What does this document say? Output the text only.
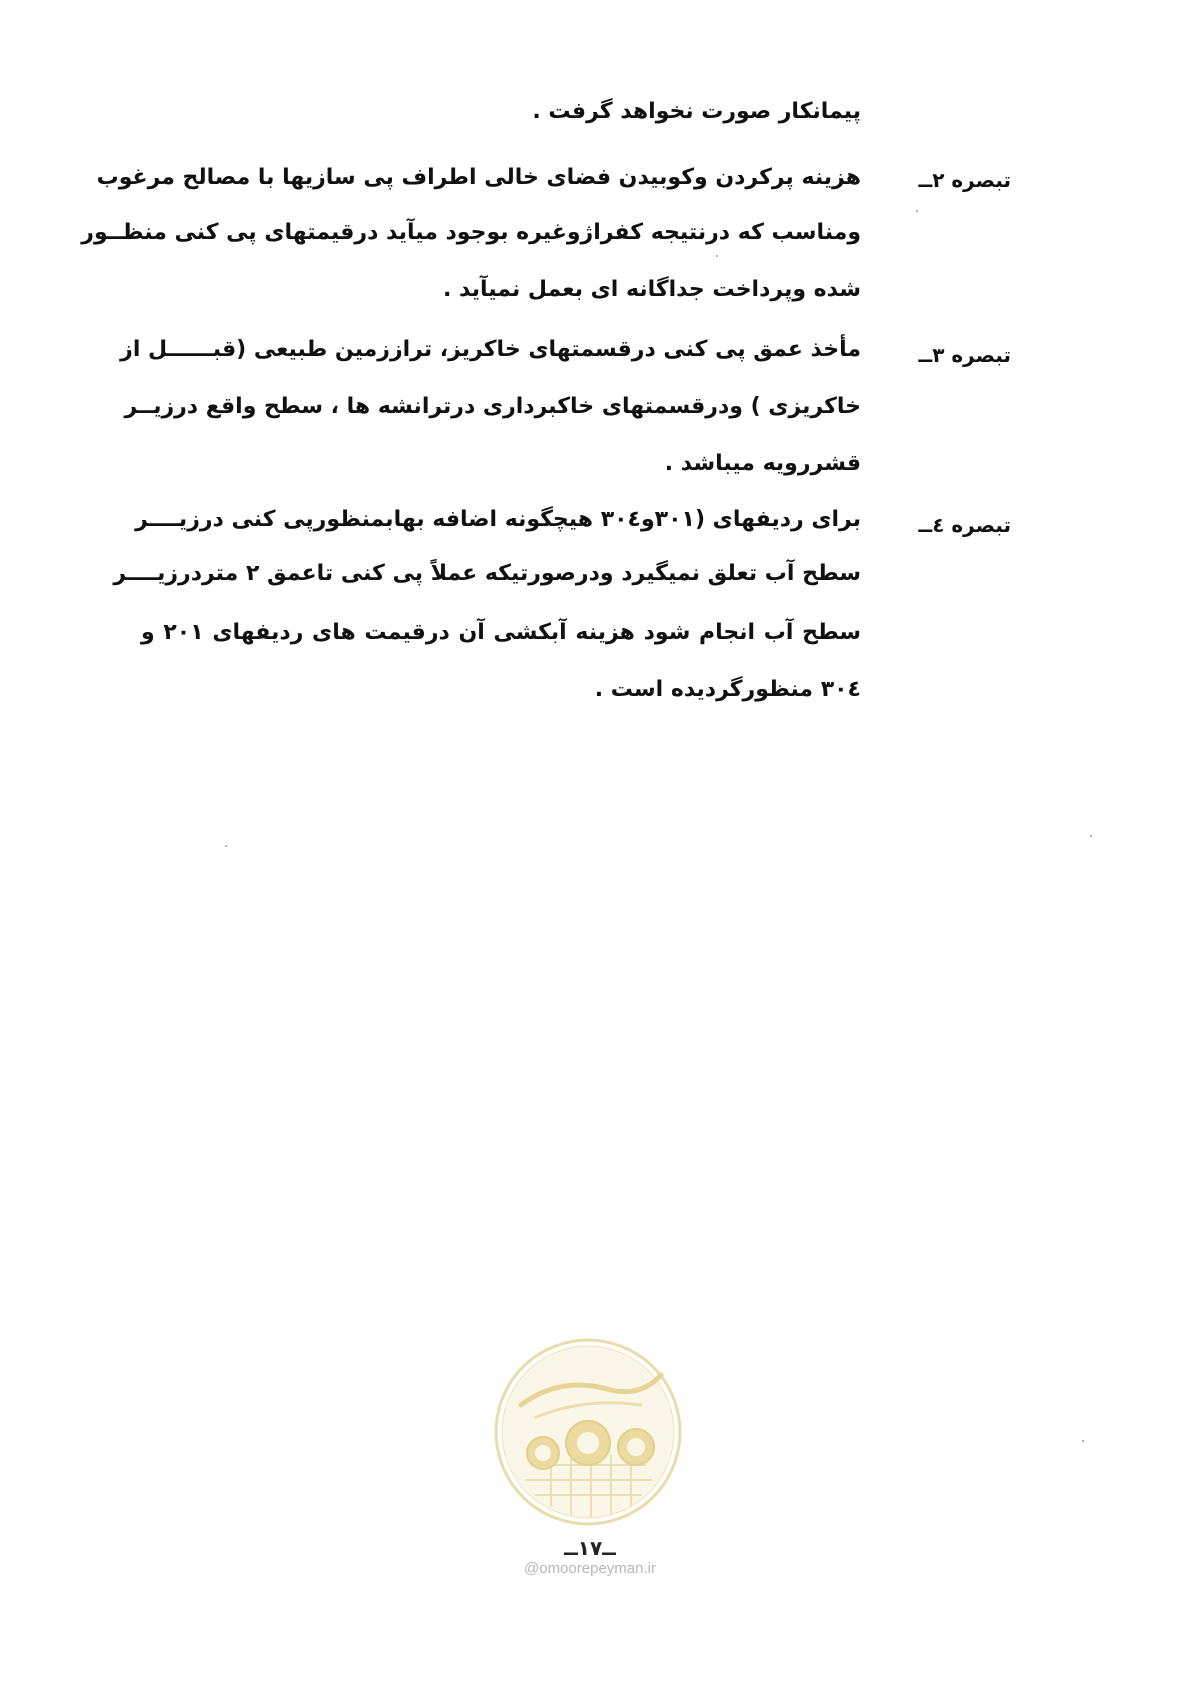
پیمانکار صورت نخواهد گرفت .
تبصره ۲ــ
هزینه پرکردن وکوبیدن فضای خالی اطراف پی سازیها با مصالح مرغوب
ومناسب که درنتیجه کفراژوغیره بوجود میآید درقیمتهای پی کنی منظــور
شده وپرداخت جداگانه ای بعمل نمیآید .
تبصره ۳ــ
مأخذ عمق پی کنی درقسمتهای خاکریز، تراززمین طبیعی (قبــــــل از
خاکریزی ) ودرقسمتهای خاکبرداری درترانشه ها ، سطح واقع درزیــر
قشررویه میباشد .
تبصره ٤ــ
برای ردیفهای (۳۰۱و۳۰٤ هیچگونه اضافه بهابمنظورپی کنی درزیــــر
سطح آب تعلق نمیگیرد ودرصورتیکه عملاً پی کنی تاعمق ۲ متردرزیــــر
سطح آب انجام شود هزینه آبکشی آن درقیمت های ردیفهای ۲۰۱ و
۳۰٤ منظورگردیده است .
ــ۱۷ــ
@omoorepeyman.ir
